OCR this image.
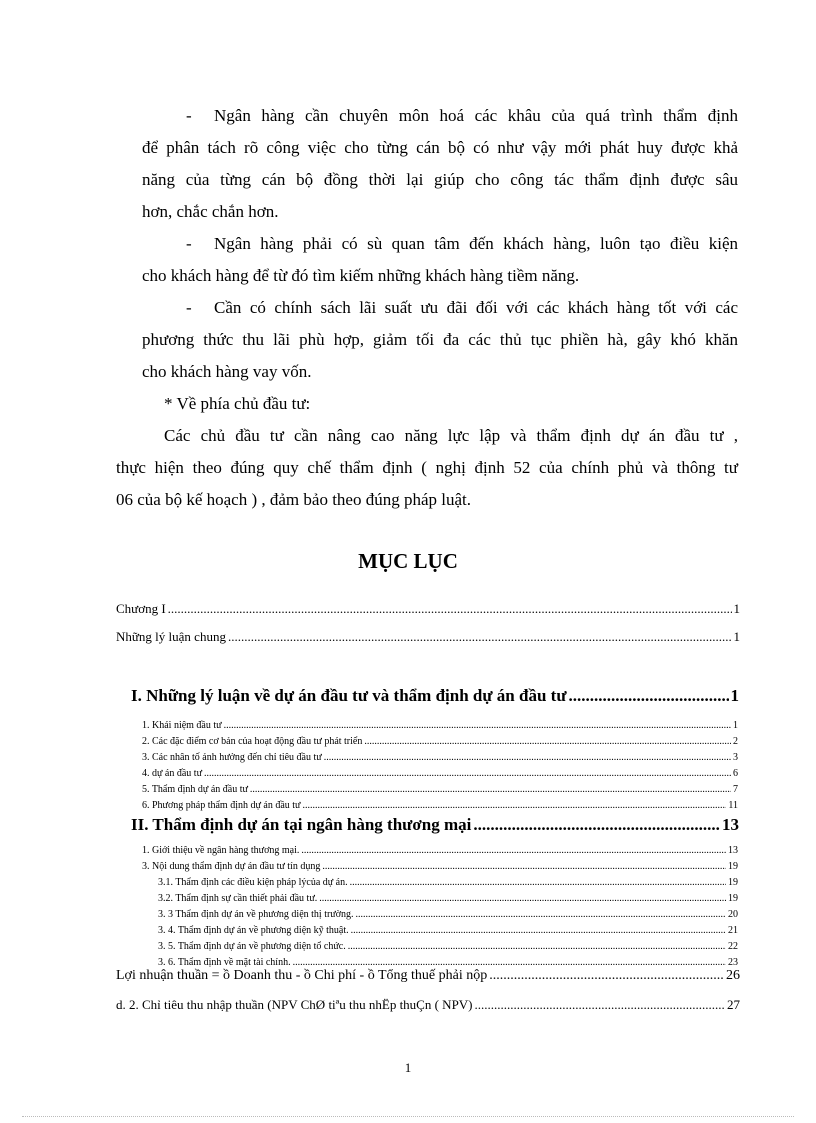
- Ngân hàng cần chuyên môn hoá các khâu của quá trình thẩm định
để phân tách rõ công việc cho từng cán bộ có như vậy mới phát huy được khả
năng của từng cán bộ đồng thời lại giúp cho công tác thẩm định được sâu
hơn, chắc chắn hơn.
- Ngân hàng phải có sù quan tâm đến khách hàng, luôn tạo điều kiện
cho khách hàng để từ đó tìm kiếm những khách hàng tiềm năng.
- Cần có chính sách lãi suất ưu đãi đối với các khách hàng tốt với các
phương thức thu lãi phù hợp, giảm tối đa các thủ tục phiền hà, gây khó khăn
cho khách hàng vay vốn.
* Về phía chủ đầu tư:
Các chủ đầu tư cần nâng cao năng lực lập và thẩm định dự án đầu tư ,
thực hiện theo đúng quy chế thẩm định ( nghị định 52 của chính phủ và thông tư
06 của bộ kế hoạch ) , đảm bảo theo đúng pháp luật.
MỤC LỤC
Chương I .....	1
Những lý luận chung .....	1
I. Những lý luận về dự án đầu tư và thẩm định dự án đầu tư .....	1
1. Khái niệm đầu tư .....	1
2. Các đặc điểm cơ bản của hoạt động đầu tư phát triển .....	2
3. Các nhân tố ảnh hưởng đến chỉ tiêu đầu tư .....	3
4. dự án đầu tư .....	6
5. Thẩm định dự án đầu tư .....	7
6. Phương pháp thẩm định dự án đầu tư .....	11
II. Thẩm định dự án tại ngân hàng thương mại .....	13
1. Giới thiệu về ngân hàng thương mại. .....	13
3. Nội dung thẩm định dự án đầu tư tín dụng .....	19
3.1. Thẩm định các điều kiện pháp lýcủa dự án. .....	19
3.2. Thẩm định sự cần thiết phải đầu tư. .....	19
3. 3 Thẩm định dự án về phương diện thị trường. .....	20
3. 4. Thẩm định dự án về phương diện kỹ thuật. .....	21
3. 5. Thẩm định dự án về phương diện tổ chức. .....	22
3. 6. Thẩm định về mặt tài chính. .....	23
Lợi nhuận thuần = ồ Doanh thu - ồ Chi phí - ồ Tổng thuế phải nộp .....	26
d. 2. Chỉ tiêu thu nhập thuần (NPV ChØ tiªu thu nhËp thuÇn ( NPV) .....	27
1
